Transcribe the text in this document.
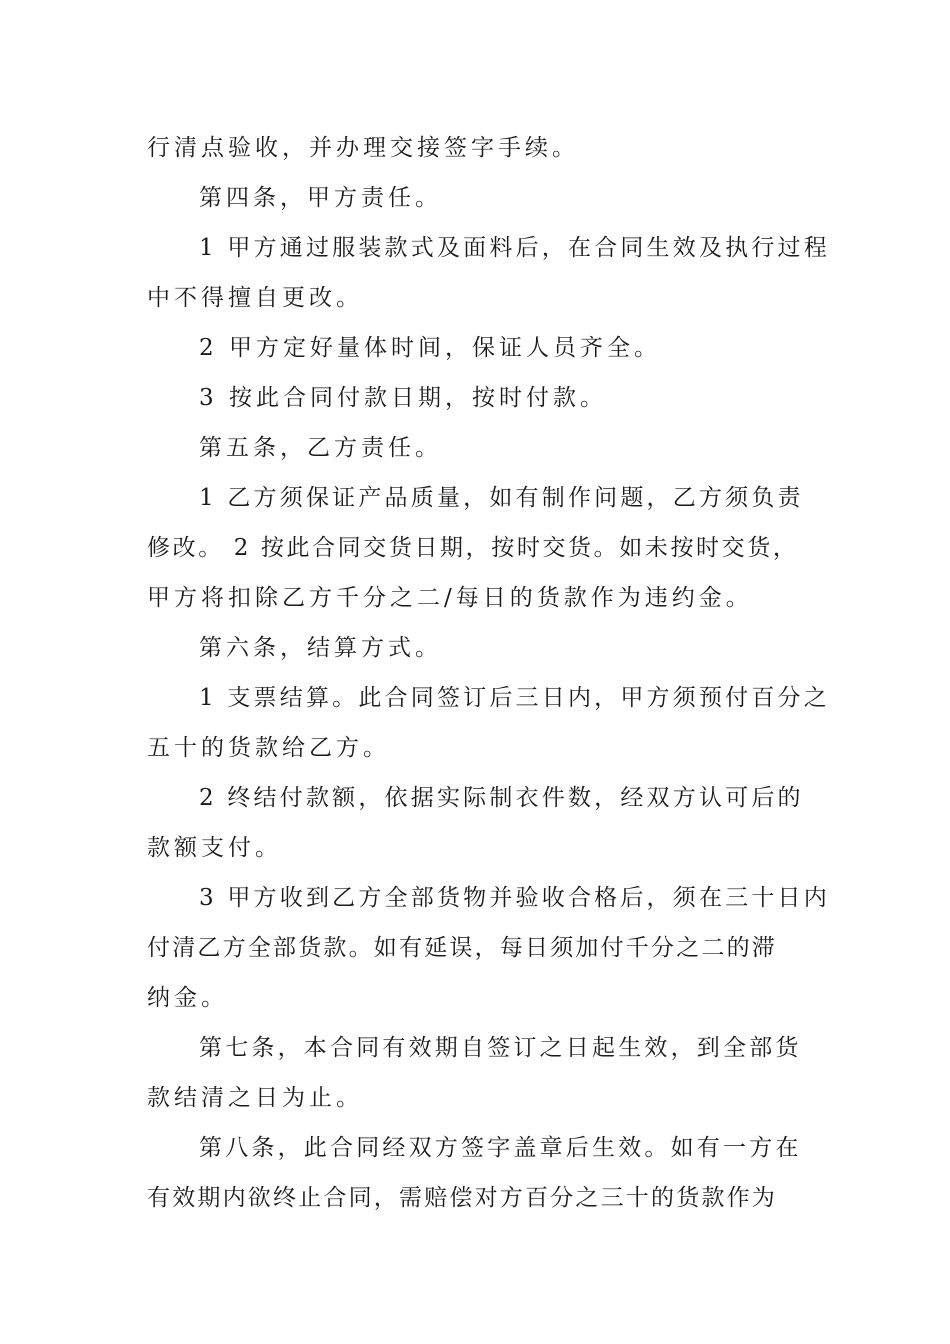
行清点验收，并办理交接签字手续。

第四条，甲方责任。

1 甲方通过服装款式及面料后，在合同生效及执行过程

中不得擅自更改。

2 甲方定好量体时间，保证人员齐全。

3 按此合同付款日期，按时付款。

第五条，乙方责任。

1 乙方须保证产品质量，如有制作问题，乙方须负责

修改。 2 按此合同交货日期，按时交货。如未按时交货，

甲方将扣除乙方千分之二/每日的货款作为违约金。

第六条，结算方式。

1 支票结算。此合同签订后三日内，甲方须预付百分之

五十的货款给乙方。

2 终结付款额，依据实际制衣件数，经双方认可后的

款额支付。

3 甲方收到乙方全部货物并验收合格后，须在三十日内

付清乙方全部货款。如有延误，每日须加付千分之二的滞

纳金。

第七条，本合同有效期自签订之日起生效，到全部货

款结清之日为止。

第八条，此合同经双方签字盖章后生效。如有一方在

有效期内欲终止合同，需赔偿对方百分之三十的货款作为
